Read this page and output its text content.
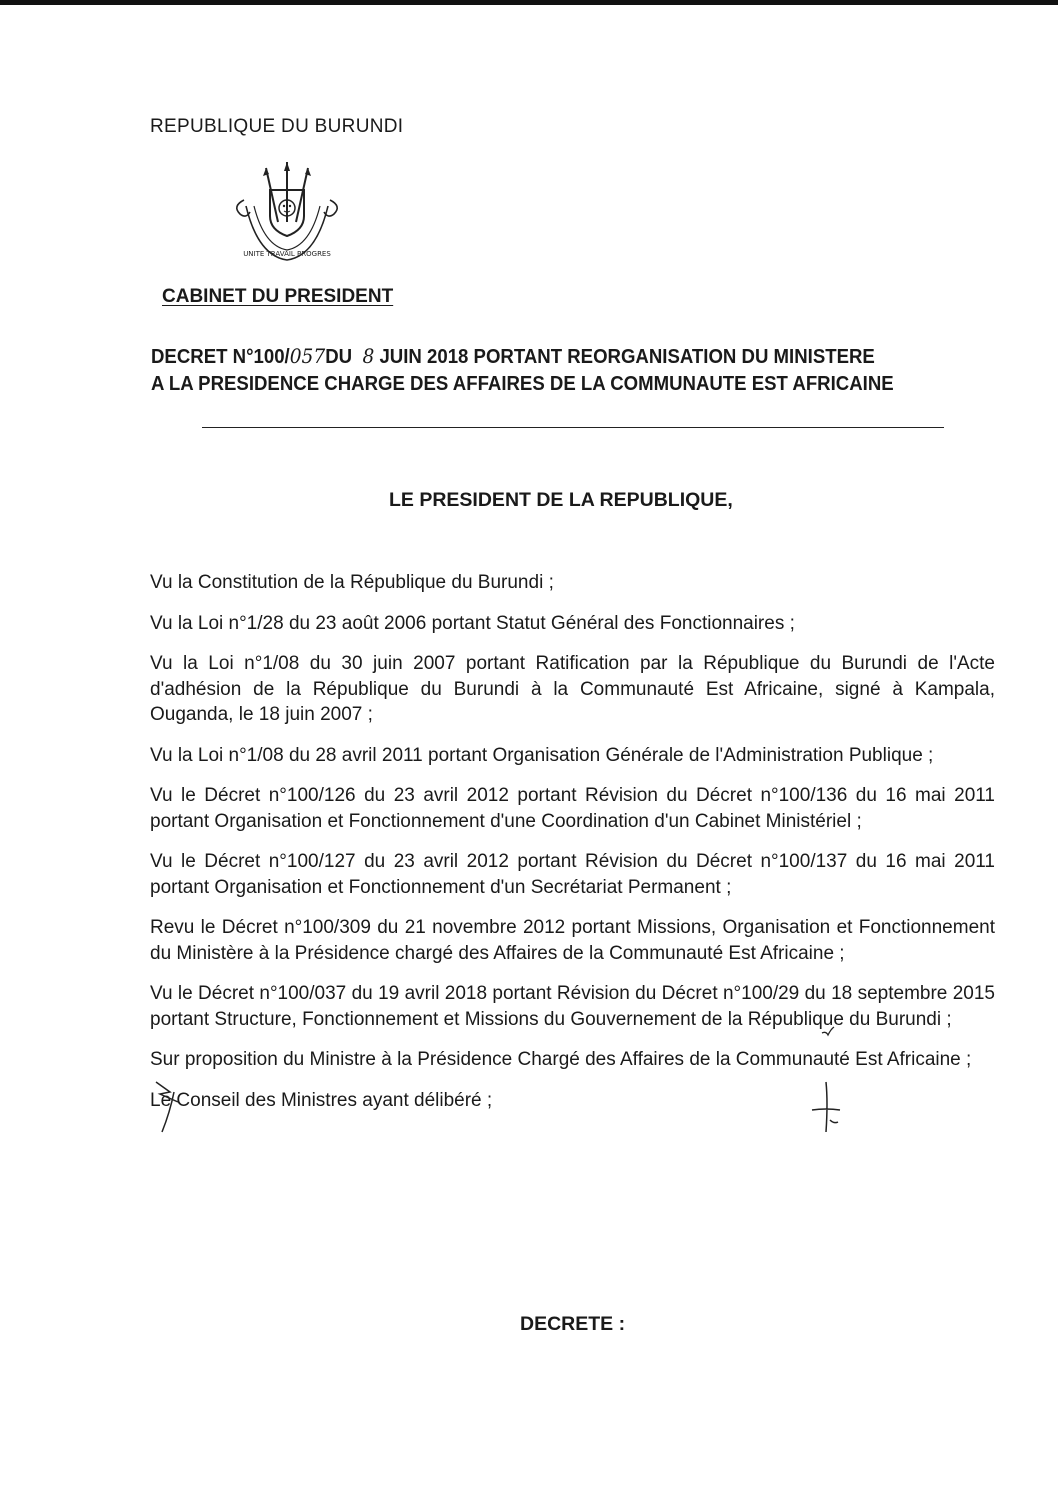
REPUBLIQUE DU BURUNDI
UNITE TRAVAIL PROGRES
CABINET DU PRESIDENT
DECRET N°100/057DU  8 JUIN 2018 PORTANT REORGANISATION DU MINISTERE
A LA PRESIDENCE CHARGE DES AFFAIRES DE LA COMMUNAUTE EST AFRICAINE
LE PRESIDENT DE LA REPUBLIQUE,

Vu la Constitution de la République du Burundi ;

Vu la Loi n°1/28 du 23 août 2006 portant Statut Général des Fonctionnaires ;

Vu la Loi n°1/08 du 30 juin 2007 portant Ratification par la République du Burundi de l'Acte d'adhésion de la République du Burundi à la Communauté Est Africaine, signé à Kampala, Ouganda, le 18 juin 2007 ;

Vu la Loi n°1/08 du 28 avril 2011 portant Organisation Générale de l'Administration Publique ;

Vu le Décret n°100/126 du 23 avril 2012 portant Révision du Décret n°100/136 du 16 mai 2011 portant Organisation et Fonctionnement d'une Coordination d'un Cabinet Ministériel ;

Vu le Décret n°100/127 du 23 avril 2012 portant Révision du Décret n°100/137 du 16 mai 2011 portant Organisation et Fonctionnement d'un Secrétariat Permanent ;

Revu le Décret n°100/309 du 21 novembre 2012 portant Missions, Organisation et Fonctionnement du Ministère à la Présidence chargé des Affaires de la Communauté Est Africaine ;

Vu le Décret n°100/037 du 19 avril 2018 portant Révision du Décret n°100/29 du 18 septembre 2015 portant Structure, Fonctionnement et Missions du Gouvernement de la République du Burundi ;

Sur proposition du Ministre à la Présidence Chargé des Affaires de la Communauté Est Africaine ;

Le Conseil des Ministres ayant délibéré ;

DECRETE :
